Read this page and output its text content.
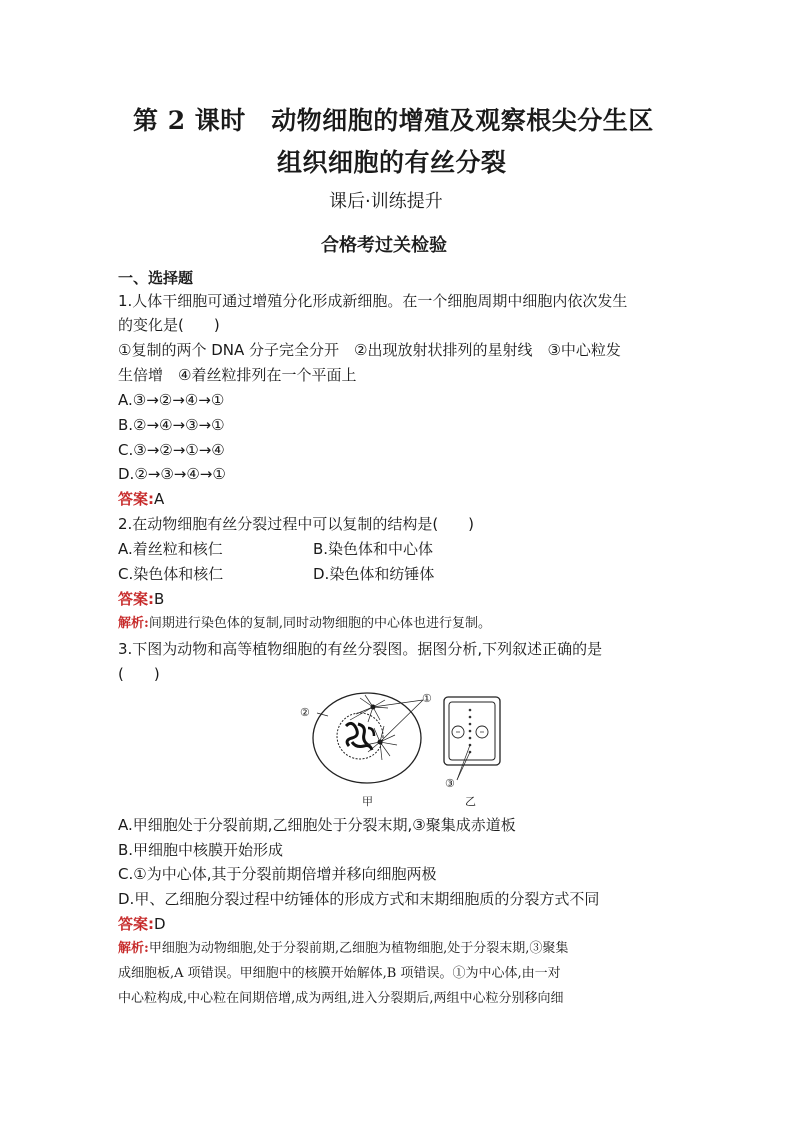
第 2 课时　动物细胞的增殖及观察根尖分生区
组织细胞的有丝分裂
课后·训练提升
合格考过关检验
一、选择题
1.人体干细胞可通过增殖分化形成新细胞。在一个细胞周期中细胞内依次发生
的变化是(　　)
①复制的两个 DNA 分子完全分开　②出现放射状排列的星射线　③中心粒发
生倍增　④着丝粒排列在一个平面上
A.③→②→④→①
B.②→④→③→①
C.③→②→①→④
D.②→③→④→①
答案:A
2.在动物细胞有丝分裂过程中可以复制的结构是(　　)
A.着丝粒和核仁	B.染色体和中心体
C.染色体和核仁	D.染色体和纺锤体
答案:B
解析:间期进行染色体的复制,同时动物细胞的中心体也进行复制。
3.下图为动物和高等植物细胞的有丝分裂图。据图分析,下列叙述正确的是
(　　)
①
②
③
甲	乙
A.甲细胞处于分裂前期,乙细胞处于分裂末期,③聚集成赤道板
B.甲细胞中核膜开始形成
C.①为中心体,其于分裂前期倍增并移向细胞两极
D.甲、乙细胞分裂过程中纺锤体的形成方式和末期细胞质的分裂方式不同
答案:D
解析:甲细胞为动物细胞,处于分裂前期,乙细胞为植物细胞,处于分裂末期,③聚集
成细胞板,A 项错误。甲细胞中的核膜开始解体,B 项错误。①为中心体,由一对
中心粒构成,中心粒在间期倍增,成为两组,进入分裂期后,两组中心粒分别移向细
